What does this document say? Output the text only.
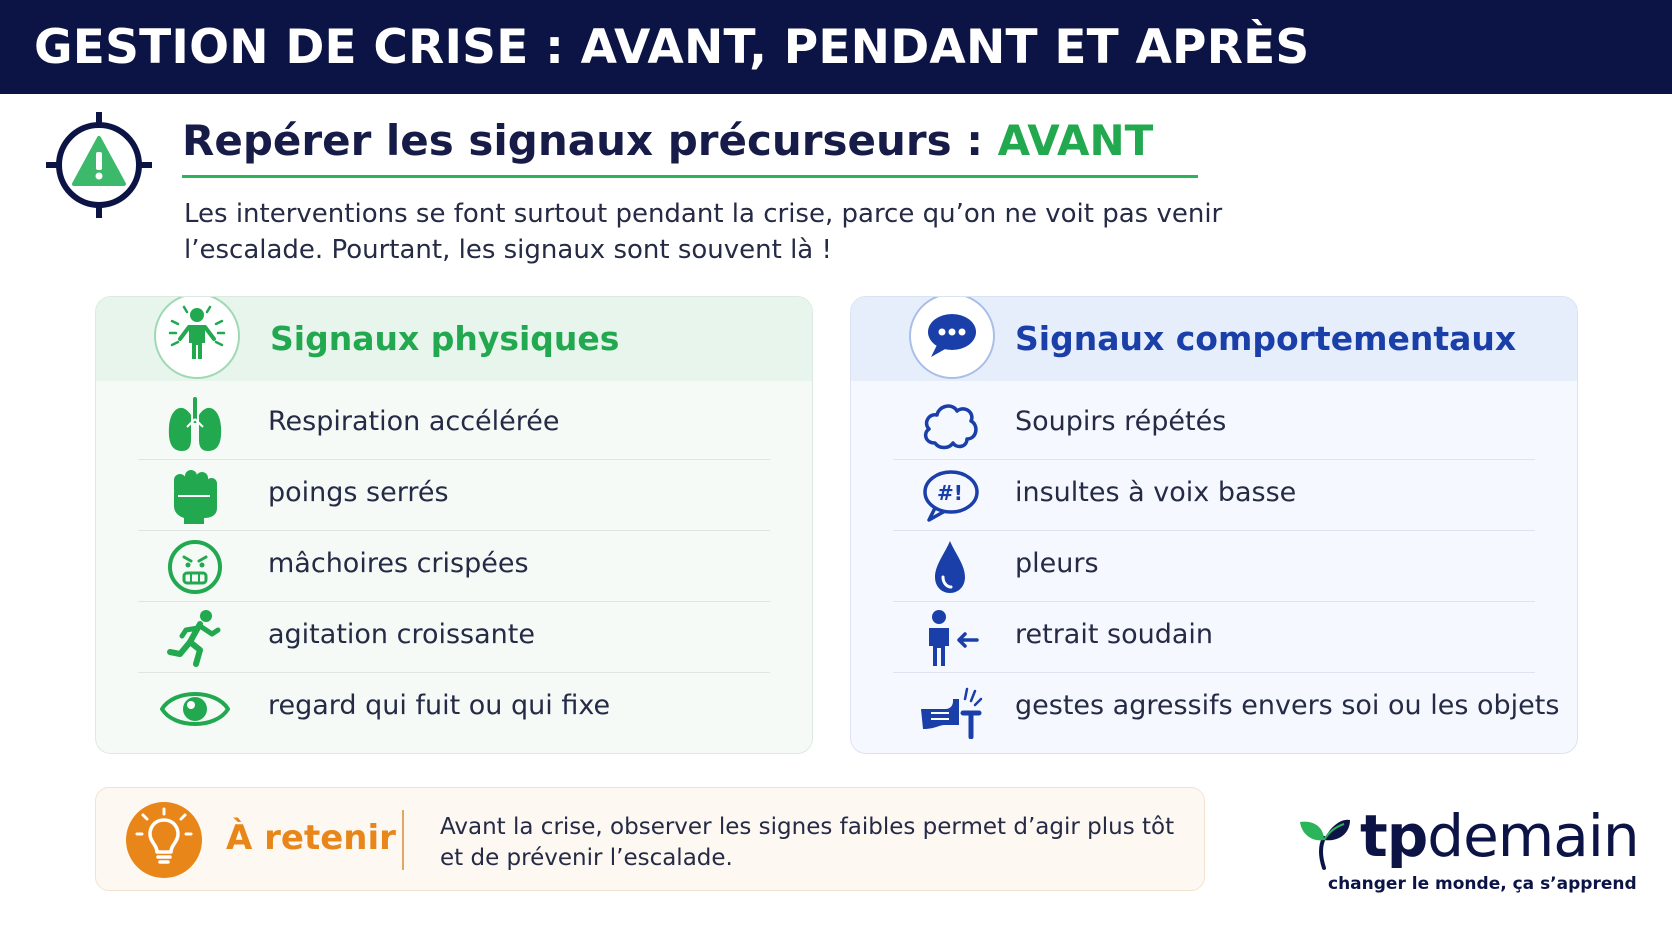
GESTION DE CRISE : AVANT, PENDANT ET APRÈS
Repérer les signaux précurseurs : AVANT

Les interventions se font surtout pendant la crise, parce qu’on ne voit pas venir l’escalade. Pourtant, les signaux sont souvent là !

Signaux physiques
Respiration accélérée
poings serrés
mâchoires crispées
agitation croissante
regard qui fuit ou qui fixe
Signaux comportementaux
Soupirs répétés
#! insultes à voix basse
pleurs
retrait soudain
gestes agressifs envers soi ou les objets
À retenir Avant la crise, observer les signes faibles permet d’agir plus tôt et de prévenir l’escalade.	tpdemain
changer le monde, ça s’apprend
